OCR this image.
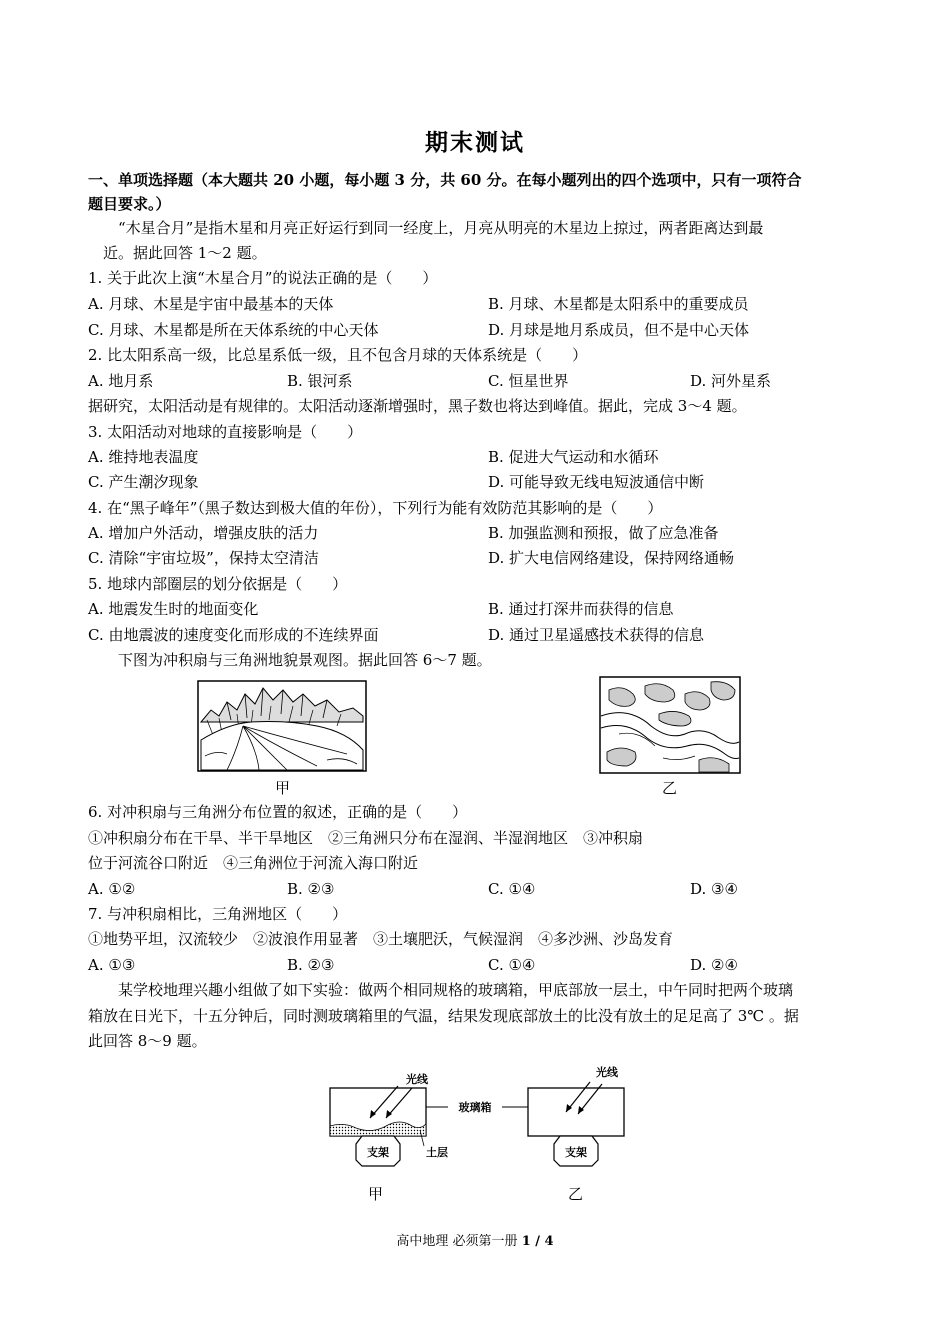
期末测试
一、单项选择题（本大题共 20 小题，每小题 3 分，共 60 分。在每小题列出的四个选项中，只有一项符合
题目要求。）
“木星合月”是指木星和月亮正好运行到同一经度上，月亮从明亮的木星边上掠过，两者距离达到最
近。据此回答 1～2 题。
1. 关于此次上演“木星合月”的说法正确的是（　　）
A. 月球、木星是宇宙中最基本的天体	B. 月球、木星都是太阳系中的重要成员
C. 月球、木星都是所在天体系统的中心天体	D. 月球是地月系成员，但不是中心天体
2. 比太阳系高一级，比总星系低一级，且不包含月球的天体系统是（　　）
A. 地月系	B. 银河系	C. 恒星世界	D. 河外星系
据研究，太阳活动是有规律的。太阳活动逐渐增强时，黑子数也将达到峰值。据此，完成 3～4 题。
3. 太阳活动对地球的直接影响是（　　）
A. 维持地表温度	B. 促进大气运动和水循环
C. 产生潮汐现象	D. 可能导致无线电短波通信中断
4. 在“黑子峰年”（黑子数达到极大值的年份），下列行为能有效防范其影响的是（　　）
A. 增加户外活动，增强皮肤的活力	B. 加强监测和预报，做了应急准备
C. 清除“宇宙垃圾”，保持太空清洁	D. 扩大电信网络建设，保持网络通畅
5. 地球内部圈层的划分依据是（　　）
A. 地震发生时的地面变化	B. 通过打深井而获得的信息
C. 由地震波的速度变化而形成的不连续界面	D. 通过卫星遥感技术获得的信息
下图为冲积扇与三角洲地貌景观图。据此回答 6～7 题。
甲	乙
6. 对冲积扇与三角洲分布位置的叙述，正确的是（　　）
①冲积扇分布在干旱、半干旱地区　②三角洲只分布在湿润、半湿润地区　③冲积扇
位于河流谷口附近　④三角洲位于河流入海口附近
A. ①②	B. ②③	C. ①④	D. ③④
7. 与冲积扇相比，三角洲地区（　　）
①地势平坦，汉流较少　②波浪作用显著　③土壤肥沃，气候湿润　④多沙洲、沙岛发育
A. ①③	B. ②③	C. ①④	D. ②④
某学校地理兴趣小组做了如下实验：做两个相同规格的玻璃箱，甲底部放一层土，中午同时把两个玻璃
箱放在日光下，十五分钟后，同时测玻璃箱里的气温，结果发现底部放土的比没有放土的足足高了 3℃ 。据
此回答 8～9 题。
光线
支架
玻璃箱
土层
光线
支架
甲	乙
高中地理 必须第一册 1 / 4
